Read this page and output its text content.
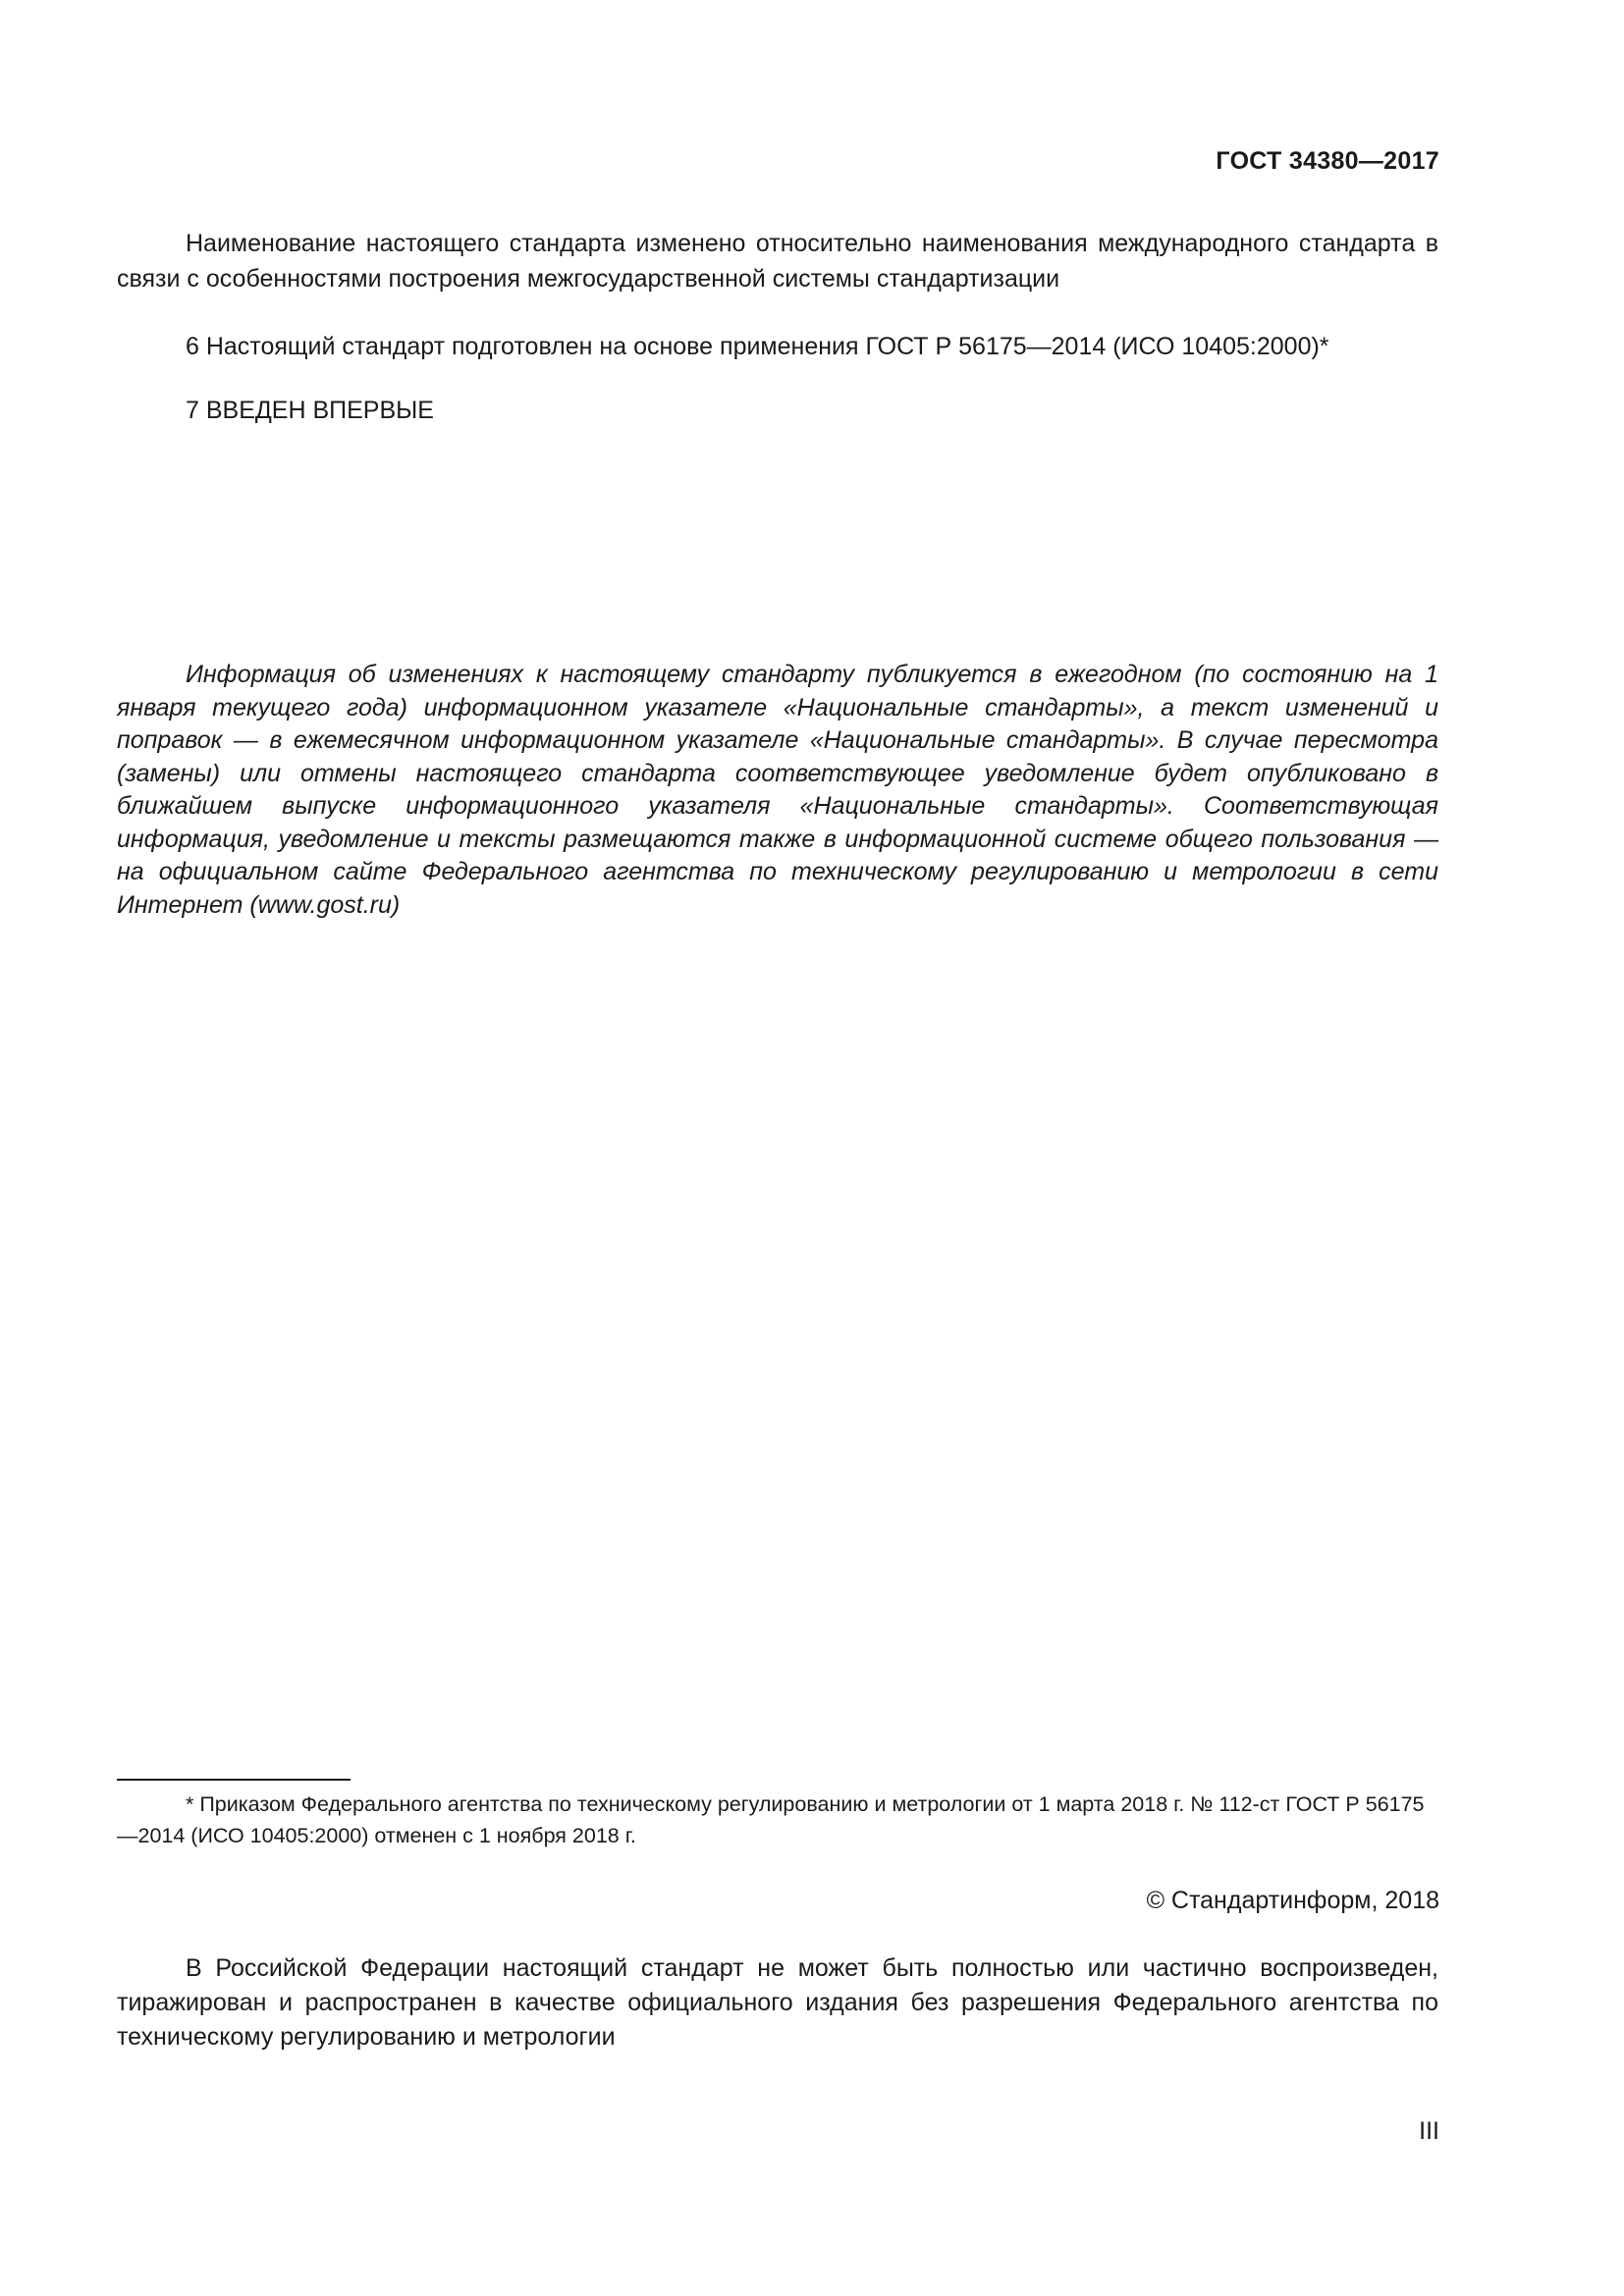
ГОСТ 34380—2017

Наименование настоящего стандарта изменено относительно наименования международного стандарта в связи с особенностями построения межгосударственной системы стандартизации

6 Настоящий стандарт подготовлен на основе применения ГОСТ Р 56175—2014 (ИСО 10405:2000)*

7 ВВЕДЕН ВПЕРВЫЕ

Информация об изменениях к настоящему стандарту публикуется в ежегодном (по состоянию на 1 января текущего года) информационном указателе «Национальные стандарты», а текст изменений и поправок — в ежемесячном информационном указателе «Национальные стандарты». В случае пересмотра (замены) или отмены настоящего стандарта соответствующее уведомление будет опубликовано в ближайшем выпуске информационного указателя «Национальные стандарты». Соответствующая информация, уведомление и тексты размещаются также в информационной системе общего пользования — на официальном сайте Федерального агентства по техническому регулированию и метрологии в сети Интернет (www.gost.ru)

* Приказом Федерального агентства по техническому регулированию и метрологии от 1 марта 2018 г. № 112-ст ГОСТ Р 56175—2014 (ИСО 10405:2000) отменен с 1 ноября 2018 г.

© Стандартинформ, 2018

В Российской Федерации настоящий стандарт не может быть полностью или частично воспроизведен, тиражирован и распространен в качестве официального издания без разрешения Федерального агентства по техническому регулированию и метрологии

III
